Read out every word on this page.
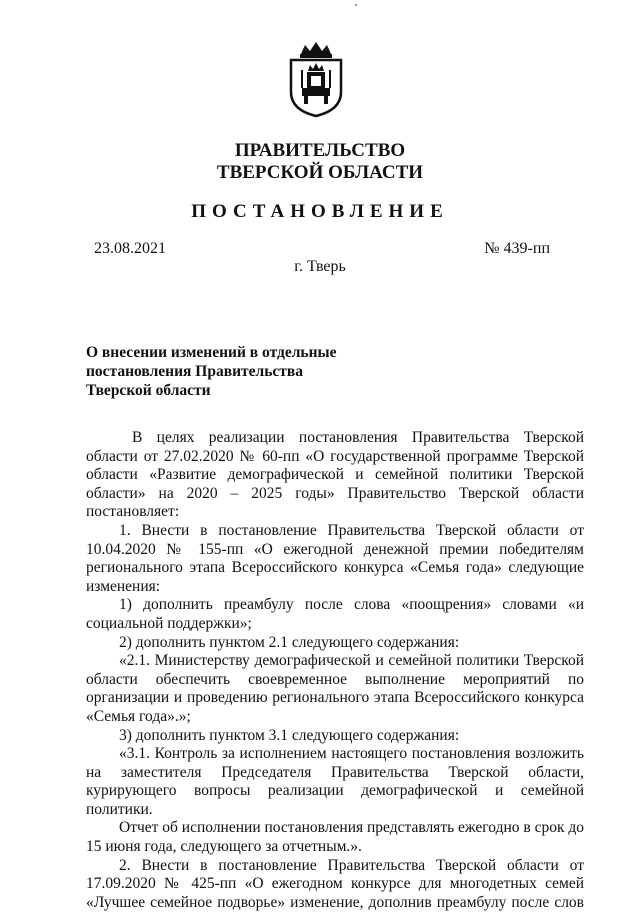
ПРАВИТЕЛЬСТВО
ТВЕРСКОЙ ОБЛАСТИ
ПОСТАНОВЛЕНИЕ
23.08.2021	№ 439-пп
г. Тверь
О внесении изменений в отдельные
постановления Правительства
Тверской области

В целях реализации постановления Правительства Тверской области от 27.02.2020 № 60-пп «О государственной программе Тверской области «Развитие демографической и семейной политики Тверской области» на 2020 – 2025 годы» Правительство Тверской области постановляет:

1. Внести в постановление Правительства Тверской области от 10.04.2020 № 155-пп «О ежегодной денежной премии победителям регионального этапа Всероссийского конкурса «Семья года» следующие изменения:

1) дополнить преамбулу после слова «поощрения» словами «и социальной поддержки»;

2) дополнить пунктом 2.1 следующего содержания:

«2.1. Министерству демографической и семейной политики Тверской области обеспечить своевременное выполнение мероприятий по организации и проведению регионального этапа Всероссийского конкурса «Семья года».»;

3) дополнить пунктом 3.1 следующего содержания:

«3.1. Контроль за исполнением настоящего постановления возложить на заместителя Председателя Правительства Тверской области, курирующего вопросы реализации демографической и семейной политики.

Отчет об исполнении постановления представлять ежегодно в срок до 15 июня года, следующего за отчетным.».

2. Внести в постановление Правительства Тверской области от 17.09.2020 № 425-пп «О ежегодном конкурсе для многодетных семей «Лучшее семейное подворье» изменение, дополнив преамбулу после слов
